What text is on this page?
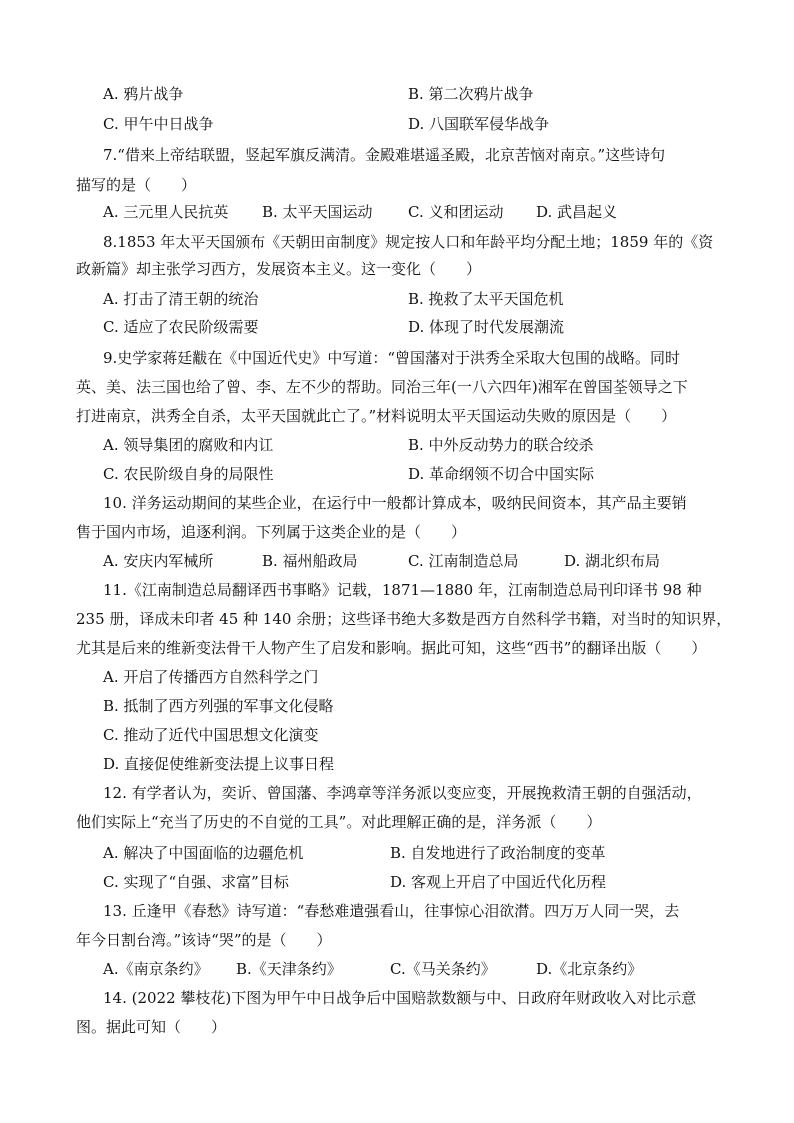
A. 鸦片战争	B. 第二次鸦片战争
C. 甲午中日战争	D. 八国联军侵华战争
7.“借来上帝结联盟，竖起军旗反满清。金殿难堪遥圣殿，北京苦恼对南京。”这些诗句
描写的是（　　）
A. 三元里人民抗英 B. 太平天国运动 C. 义和团运动 D. 武昌起义
8.1853 年太平天国颁布《天朝田亩制度》规定按人口和年龄平均分配土地；1859 年的《资
政新篇》却主张学习西方，发展资本主义。这一变化（　　）
A. 打击了清王朝的统治	B. 挽救了太平天国危机
C. 适应了农民阶级需要	D. 体现了时代发展潮流
9.史学家蒋廷黻在《中国近代史》中写道：“曾国藩对于洪秀全采取大包围的战略。同时
英、美、法三国也给了曾、李、左不少的帮助。同治三年(一八六四年)湘军在曾国荃领导之下
打进南京，洪秀全自杀，太平天国就此亡了。”材料说明太平天国运动失败的原因是（　　）
A. 领导集团的腐败和内讧	B. 中外反动势力的联合绞杀
C. 农民阶级自身的局限性	D. 革命纲领不切合中国实际
10. 洋务运动期间的某些企业，在运行中一般都计算成本，吸纳民间资本，其产品主要销
售于国内市场，追逐利润。下列属于这类企业的是（　　）
A. 安庆内军械所	B. 福州船政局	C. 江南制造总局	D. 湖北织布局
11.《江南制造总局翻译西书事略》记载，1871—1880 年，江南制造总局刊印译书 98 种
235 册，译成未印者 45 种 140 余册；这些译书绝大多数是西方自然科学书籍，对当时的知识界，
尤其是后来的维新变法骨干人物产生了启发和影响。据此可知，这些“西书”的翻译出版（　　）
A. 开启了传播西方自然科学之门
B. 抵制了西方列强的军事文化侵略
C. 推动了近代中国思想文化演变
D. 直接促使维新变法提上议事日程
12. 有学者认为，奕䜣、曾国藩、李鸿章等洋务派以变应变，开展挽救清王朝的自强活动，
他们实际上“充当了历史的不自觉的工具”。对此理解正确的是，洋务派（　　）
A. 解决了中国面临的边疆危机	B. 自发地进行了政治制度的变革
C. 实现了“自强、求富”目标	D. 客观上开启了中国近代化历程
13. 丘逢甲《春愁》诗写道：“春愁难遣强看山，往事惊心泪欲潸。四万万人同一哭，去
年今日割台湾。”该诗“哭”的是（　　）
A.《南京条约》 B.《天津条约》	C.《马关条约》	D.《北京条约》
14. (2022 攀枝花)下图为甲午中日战争后中国赔款数额与中、日政府年财政收入对比示意
图。据此可知（　　）
